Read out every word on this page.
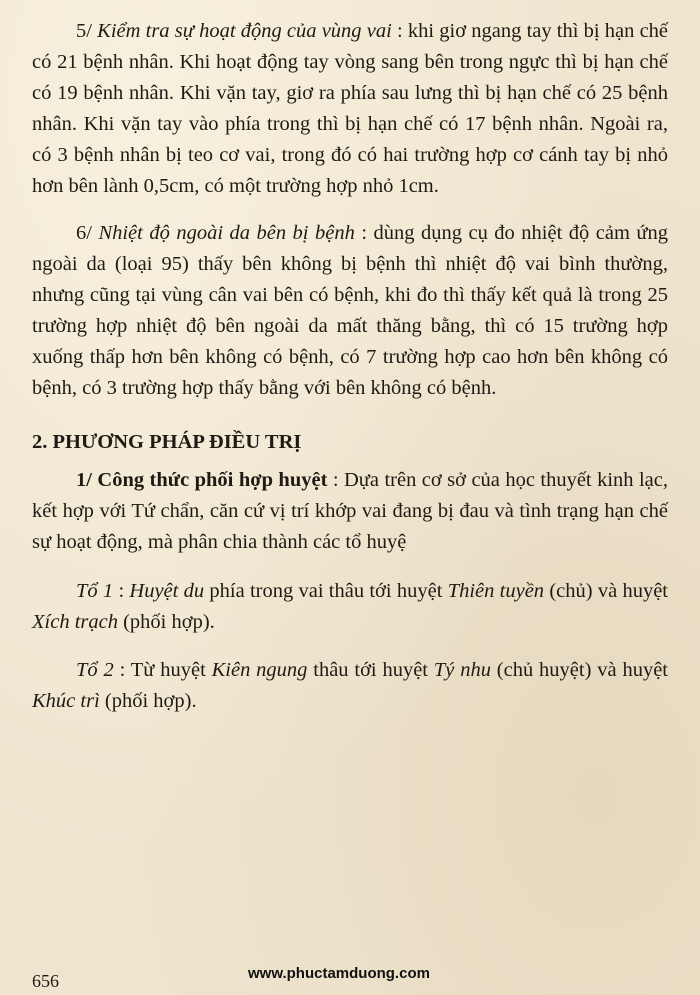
5/ Kiểm tra sự hoạt động của vùng vai : khi giơ ngang tay thì bị hạn chế có 21 bệnh nhân. Khi hoạt động tay vòng sang bên trong ngực thì bị hạn chế có 19 bệnh nhân. Khi vặn tay, giơ ra phía sau lưng thì bị hạn chế có 25 bệnh nhân. Khi vặn tay vào phía trong thì bị hạn chế có 17 bệnh nhân. Ngoài ra, có 3 bệnh nhân bị teo cơ vai, trong đó có hai trường hợp cơ cánh tay bị nhỏ hơn bên lành 0,5cm, có một trường hợp nhỏ 1cm.

6/ Nhiệt độ ngoài da bên bị bệnh : dùng dụng cụ đo nhiệt độ cảm ứng ngoài da (loại 95) thấy bên không bị bệnh thì nhiệt độ vai bình thường, nhưng cũng tại vùng cân vai bên có bệnh, khi đo thì thấy kết quả là trong 25 trường hợp nhiệt độ bên ngoài da mất thăng bằng, thì có 15 trường hợp xuống thấp hơn bên không có bệnh, có 7 trường hợp cao hơn bên không có bệnh, có 3 trường hợp thấy bằng với bên không có bệnh.

2. PHƯƠNG PHÁP ĐIỀU TRỊ

1/ Công thức phối hợp huyệt : Dựa trên cơ sở của học thuyết kinh lạc, kết hợp với Tứ chẩn, căn cứ vị trí khớp vai đang bị đau và tình trạng hạn chế sự hoạt động, mà phân chia thành các tổ huyệ

Tổ 1 : Huyệt du phía trong vai thâu tới huyệt Thiên tuyền (chủ) và huyệt Xích trạch (phối hợp).

Tổ 2 : Từ huyệt Kiên ngung thâu tới huyệt Tý nhu (chủ huyệt) và huyệt Khúc trì (phối hợp).

656	www.phuctamduong.com
